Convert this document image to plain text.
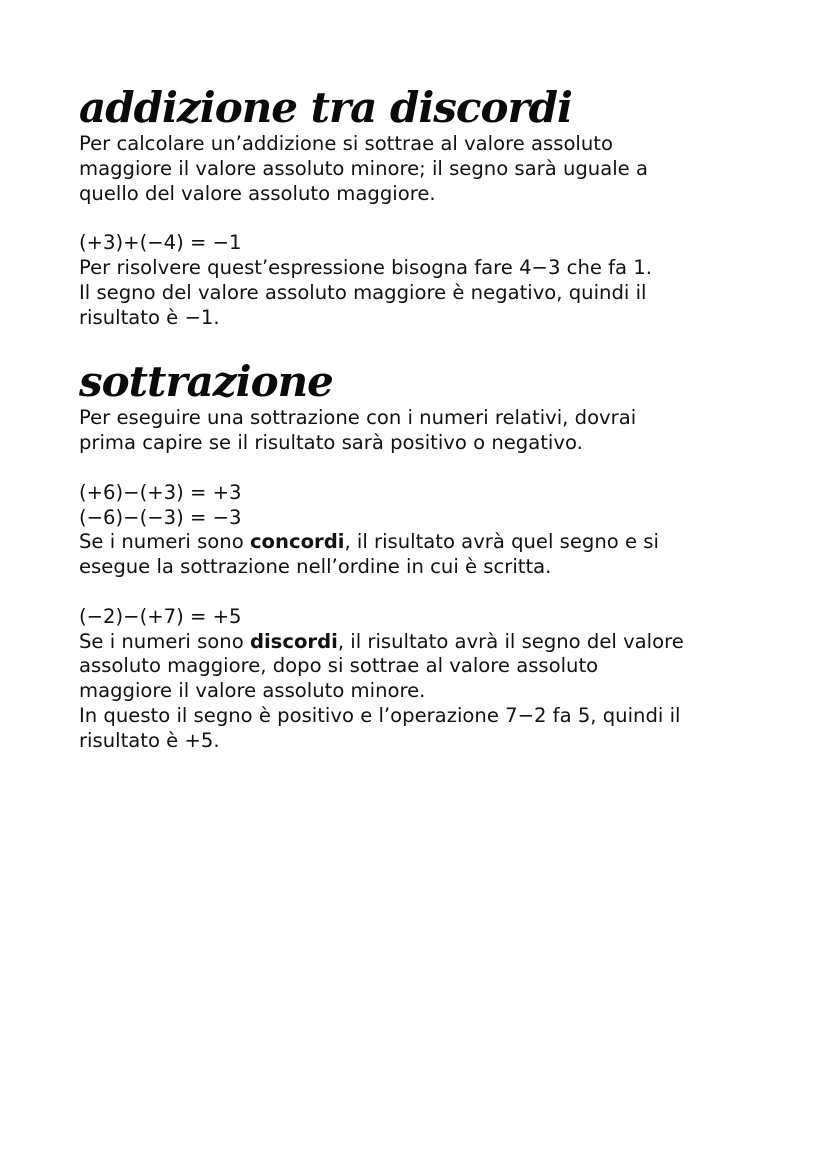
addizione tra discordi
Per calcolare un’addizione si sottrae al valore assoluto
maggiore il valore assoluto minore; il segno sarà uguale a
quello del valore assoluto maggiore.
(+3)+(−4) = −1
Per risolvere quest’espressione bisogna fare 4−3 che fa 1.
Il segno del valore assoluto maggiore è negativo, quindi il
risultato è −1.
sottrazione
Per eseguire una sottrazione con i numeri relativi, dovrai
prima capire se il risultato sarà positivo o negativo.
(+6)−(+3) = +3
(−6)−(−3) = −3
Se i numeri sono concordi, il risultato avrà quel segno e si
esegue la sottrazione nell’ordine in cui è scritta.
(−2)−(+7) = +5
Se i numeri sono discordi, il risultato avrà il segno del valore
assoluto maggiore, dopo si sottrae al valore assoluto
maggiore il valore assoluto minore.
In questo il segno è positivo e l’operazione 7−2 fa 5, quindi il
risultato è +5.
